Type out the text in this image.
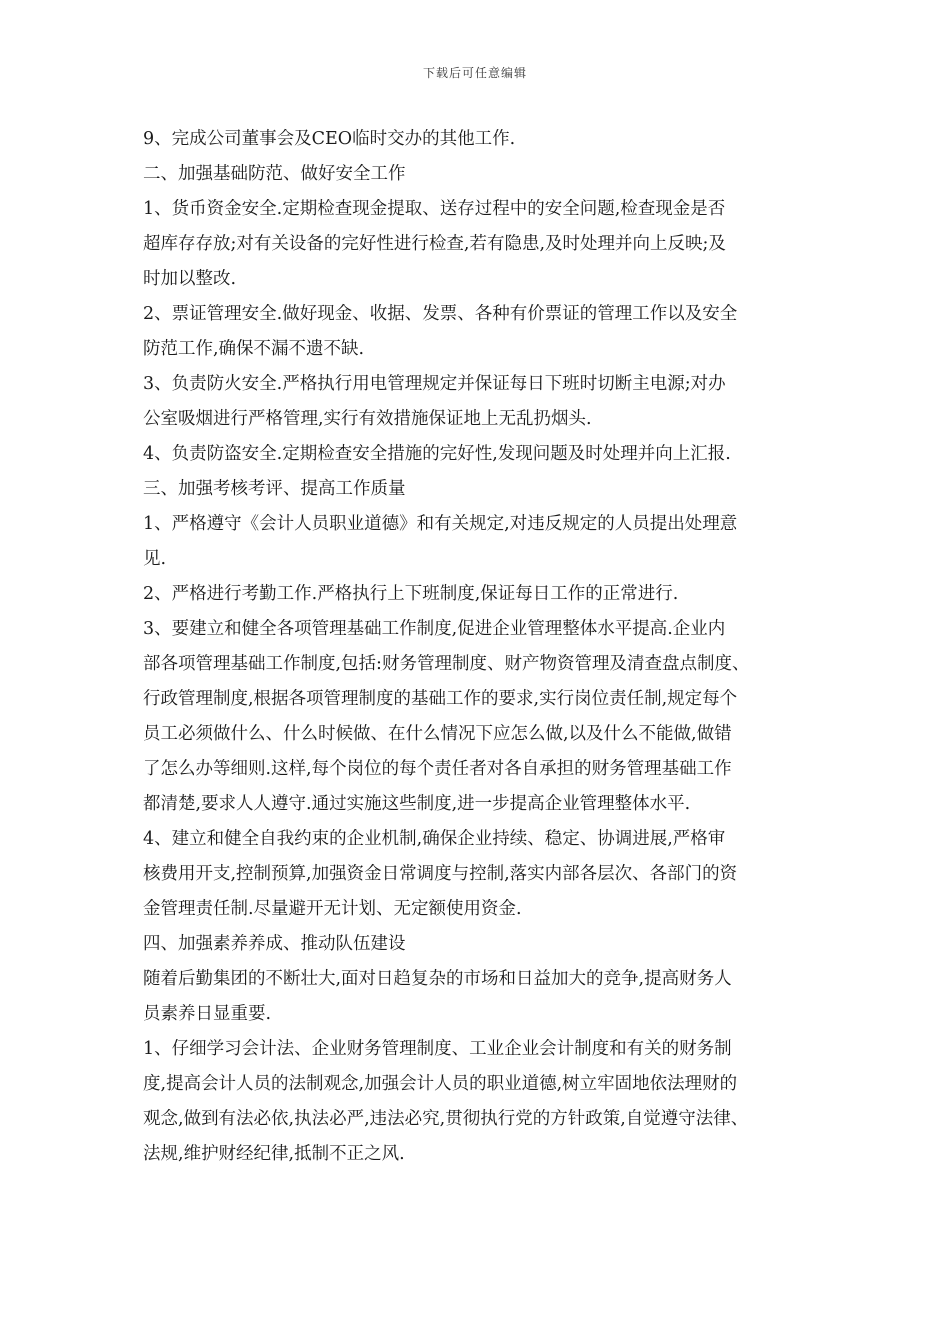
下载后可任意编辑
9、完成公司董事会及CEO临时交办的其他工作.
二、加强基础防范、做好安全工作
1、货币资金安全.定期检查现金提取、送存过程中的安全问题,检查现金是否
超库存存放;对有关设备的完好性进行检查,若有隐患,及时处理并向上反映;及
时加以整改.
2、票证管理安全.做好现金、收据、发票、各种有价票证的管理工作以及安全
防范工作,确保不漏不遗不缺.
3、负责防火安全.严格执行用电管理规定并保证每日下班时切断主电源;对办
公室吸烟进行严格管理,实行有效措施保证地上无乱扔烟头.
4、负责防盗安全.定期检查安全措施的完好性,发现问题及时处理并向上汇报.
三、加强考核考评、提高工作质量
1、严格遵守《会计人员职业道德》和有关规定,对违反规定的人员提出处理意
见.
2、严格进行考勤工作.严格执行上下班制度,保证每日工作的正常进行.
3、要建立和健全各项管理基础工作制度,促进企业管理整体水平提高.企业内
部各项管理基础工作制度,包括:财务管理制度、财产物资管理及清查盘点制度、
行政管理制度,根据各项管理制度的基础工作的要求,实行岗位责任制,规定每个
员工必须做什么、什么时候做、在什么情况下应怎么做,以及什么不能做,做错
了怎么办等细则.这样,每个岗位的每个责任者对各自承担的财务管理基础工作
都清楚,要求人人遵守.通过实施这些制度,进一步提高企业管理整体水平.
4、建立和健全自我约束的企业机制,确保企业持续、稳定、协调进展,严格审
核费用开支,控制预算,加强资金日常调度与控制,落实内部各层次、各部门的资
金管理责任制.尽量避开无计划、无定额使用资金.
四、加强素养养成、推动队伍建设
随着后勤集团的不断壮大,面对日趋复杂的市场和日益加大的竞争,提高财务人
员素养日显重要.
1、仔细学习会计法、企业财务管理制度、工业企业会计制度和有关的财务制
度,提高会计人员的法制观念,加强会计人员的职业道德,树立牢固地依法理财的
观念,做到有法必依,执法必严,违法必究,贯彻执行党的方针政策,自觉遵守法律、
法规,维护财经纪律,抵制不正之风.
